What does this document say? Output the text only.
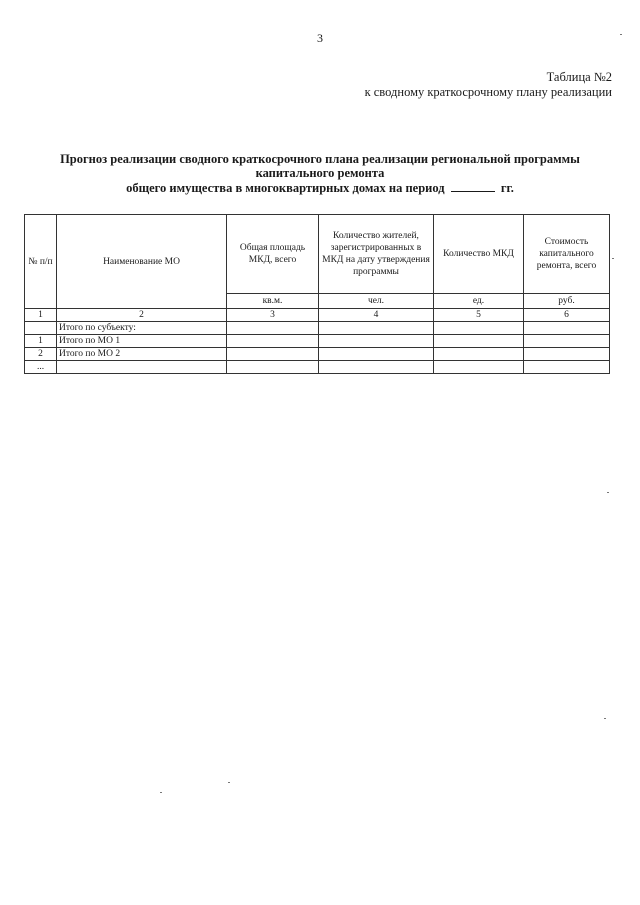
3
Таблица №2
к сводному краткосрочному плану реализации
Прогноз реализации сводного краткосрочного плана реализации региональной программы
капитального ремонта
общего имущества в многоквартирных домах на период	гг.
№ п/п	Наименование МО	Общая площадь МКД, всего	Количество жителей, зарегистрированных в МКД на дату утверждения программы	Количество МКД	Стоимость капитального ремонта, всего
		кв.м.	чел.	ед.	руб.
1	2	3	4	5	6
	Итого по субъекту:				
1	Итого по МО 1				
2	Итого по МО 2				
...					
